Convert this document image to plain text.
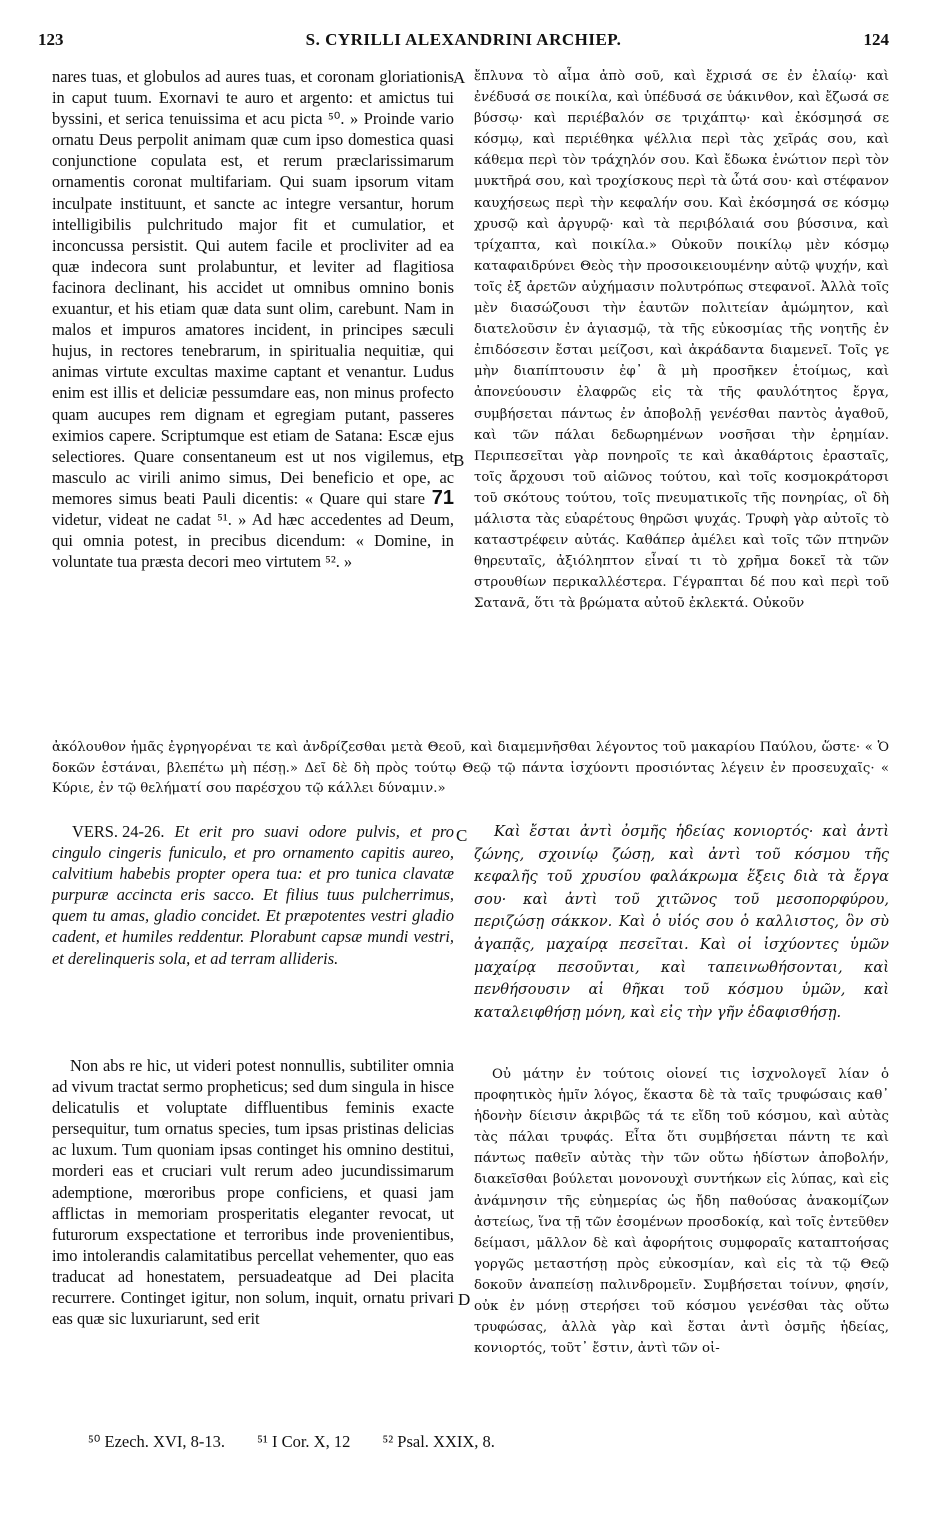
123	S. CYRILLI ALEXANDRINI ARCHIEP.	124
nares tuas, et globulos ad aures tuas, et coronam gloriationis in caput tuum. Exornavi te auro et argento: et amictus tui byssini, et serica tenuissima et acu picta ⁵⁰. » Proinde vario ornatu Deus perpolit animam quæ cum ipso domestica quasi conjunctione copulata est, et rerum præclarissimarum ornamentis coronat multifariam. Qui suam ipsorum vitam inculpate instituunt, et sancte ac integre versantur, horum intelligibilis pulchritudo major fit et cumulatior, et inconcussa persistit. Qui autem facile et procliviter ad ea quæ indecora sunt prolabuntur, et leviter ad flagitiosa facinora declinant, his accidet ut omnibus omnino bonis exuantur, et his etiam quæ data sunt olim, carebunt. Nam in malos et impuros amatores incident, in principes sæculi hujus, in rectores tenebrarum, in spiritualia nequitiæ, qui animas virtute excultas maxime captant et venantur. Ludus enim est illis et deliciæ pessumdare eas, non minus profecto quam aucupes rem dignam et egregiam putant, passeres eximios capere. Scriptumque est etiam de Satana: Escæ ejus selectiores. Quare consentaneum est ut nos vigilemus, et masculo ac virili animo simus, Dei beneficio et ope, ac memores simus beati Pauli dicentis: « Quare qui stare 71 videtur, videat ne cadat ⁵¹. » Ad hæc accedentes ad Deum, qui omnia potest, in precibus dicendum: « Domine, in voluntate tua præsta decori meo virtutem ⁵². »
ἔπλυνα τὸ αἷμα ἀπὸ σοῦ, καὶ ἔχρισά σε ἐν ἐλαίῳ· καὶ ἐνέδυσά σε ποικίλα, καὶ ὑπέδυσά σε ὑάκινθον, καὶ ἔζωσά σε βύσσῳ· καὶ περιέβαλόν σε τριχάπτῳ· καὶ ἐκόσμησά σε κόσμῳ, καὶ περιέθηκα ψέλλια περὶ τὰς χεῖράς σου, καὶ κάθεμα περὶ τὸν τράχηλόν σου. Καὶ ἔδωκα ἐνώτιον περὶ τὸν μυκτῆρά σου, καὶ τροχίσκους περὶ τὰ ὦτά σου· καὶ στέφανον καυχήσεως περὶ τὴν κεφαλήν σου. Καὶ ἐκόσμησά σε κόσμῳ χρυσῷ καὶ ἀργυρῷ· καὶ τὰ περιβόλαιά σου βύσσινα, καὶ τρίχαπτα, καὶ ποικίλα.» Οὐκοῦν ποικίλῳ μὲν κόσμῳ καταφαιδρύνει Θεὸς τὴν προσοικειουμένην αὐτῷ ψυχήν, καὶ τοῖς ἐξ ἀρετῶν αὐχήμασιν πολυτρόπως στεφανοῖ. Ἀλλὰ τοῖς μὲν διασώζουσι τὴν ἑαυτῶν πολιτείαν ἀμώμητον, καὶ διατελοῦσιν ἐν ἁγιασμῷ, τὰ τῆς εὐκοσμίας τῆς νοητῆς ἐν ἐπιδόσεσιν ἔσται μείζοσι, καὶ ἀκράδαντα διαμενεῖ. Τοῖς γε μὴν διαπίπτουσιν ἐφ᾽ ἃ μὴ προσῆκεν ἑτοίμως, καὶ ἀπονεύουσιν ἐλαφρῶς εἰς τὰ τῆς φαυλότητος ἔργα, συμβήσεται πάντως ἐν ἀποβολῇ γενέσθαι παντὸς ἀγαθοῦ, καὶ τῶν πάλαι δεδωρημένων νοσῆσαι τὴν ἐρημίαν. Περιπεσεῖται γὰρ πονηροῖς τε καὶ ἀκαθάρτοις ἐρασταῖς, τοῖς ἄρχουσι τοῦ αἰῶνος τούτου, καὶ τοῖς κοσμοκράτορσι τοῦ σκότους τούτου, τοῖς πνευματικοῖς τῆς πονηρίας, οἳ δὴ μάλιστα τὰς εὐαρέτους θηρῶσι ψυχάς. Τρυφὴ γὰρ αὐτοῖς τὸ καταστρέφειν αὐτάς. Καθάπερ ἀμέλει καὶ τοῖς τῶν πτηνῶν θηρευταῖς, ἀξιόληπτον εἶναί τι τὸ χρῆμα δοκεῖ τὰ τῶν στρουθίων περικαλλέστερα. Γέγραπται δέ που καὶ περὶ τοῦ Σατανᾶ, ὅτι τὰ βρώματα αὐτοῦ ἐκλεκτά. Οὐκοῦν
A
B
ἀκόλουθον ἡμᾶς ἐγρηγορέναι τε καὶ ἀνδρίζεσθαι μετὰ Θεοῦ, καὶ διαμεμνῆσθαι λέγοντος τοῦ μακαρίου Παύλου, ὥστε· « Ὁ δοκῶν ἑστάναι, βλεπέτω μὴ πέσῃ.» Δεῖ δὲ δὴ πρὸς τούτῳ Θεῷ τῷ πάντα ἰσχύοντι προσιόντας λέγειν ἐν προσευχαῖς· « Κύριε, ἐν τῷ θελήματί σου παρέσχου τῷ κάλλει δύναμιν.»
VERS. 24-26. Et erit pro suavi odore pulvis, et pro cingulo cingeris funiculo, et pro ornamento capitis aureo, calvitium habebis propter opera tua: et pro tunica clavatæ purpuræ accincta eris sacco. Et filius tuus pulcherrimus, quem tu amas, gladio concidet. Et præpotentes vestri gladio cadent, et humiles reddentur. Plorabunt capsæ mundi vestri, et derelinqueris sola, et ad terram allideris.
C	Καὶ ἔσται ἀντὶ ὀσμῆς ἡδείας κονιορτός· καὶ ἀντὶ ζώνης, σχοινίῳ ζώσῃ, καὶ ἀντὶ τοῦ κόσμου τῆς κεφαλῆς τοῦ χρυσίου φαλάκρωμα ἕξεις διὰ τὰ ἔργα σου· καὶ ἀντὶ τοῦ χιτῶνος τοῦ μεσοπορφύρου, περιζώσῃ σάκκον. Καὶ ὁ υἱός σου ὁ καλλιστος, ὃν σὺ ἀγαπᾷς, μαχαίρᾳ πεσεῖται. Καὶ οἱ ἰσχύοντες ὑμῶν μαχαίρᾳ πεσοῦνται, καὶ ταπεινωθήσονται, καὶ πενθήσουσιν αἱ θῆκαι τοῦ κόσμου ὑμῶν, καὶ καταλειφθήσῃ μόνη, καὶ εἰς τὴν γῆν ἐδαφισθήσῃ.
Non abs re hic, ut videri potest nonnullis, subtiliter omnia ad vivum tractat sermo propheticus; sed dum singula in hisce delicatulis et voluptate diffluentibus feminis exacte persequitur, tum ornatus species, tum ipsas pristinas delicias ac luxum. Tum quoniam ipsas continget his omnino destitui, morderi eas et cruciari vult rerum adeo jucundissimarum ademptione, mœroribus prope conficiens, et quasi jam afflictas in memoriam prosperitatis eleganter revocat, ut futurorum exspectatione et terroribus inde provenientibus, imo intolerandis calamitatibus percellat vehementer, quo eas traducat ad honestatem, persuadeatque ad Dei placita recurrere. Continget igitur, non solum, inquit, ornatu privari eas quæ sic luxuriarunt, sed erit
D
Οὐ μάτην ἐν τούτοις οἱονεί τις ἰσχνολογεῖ λίαν ὁ προφητικὸς ἡμῖν λόγος, ἕκαστα δὲ τὰ ταῖς τρυφώσαις καθ᾽ ἡδονὴν δίεισιν ἀκριβῶς τά τε εἴδη τοῦ κόσμου, καὶ αὐτὰς τὰς πάλαι τρυφάς. Εἶτα ὅτι συμβήσεται πάντη τε καὶ πάντως παθεῖν αὐτὰς τὴν τῶν οὕτω ἡδίστων ἀποβολήν, διακεῖσθαι βούλεται μονονουχὶ συντήκων εἰς λύπας, καὶ εἰς ἀνάμνησιν τῆς εὐημερίας ὡς ἤδη παθούσας ἀνακομίζων ἀστείως, ἵνα τῇ τῶν ἐσομένων προσδοκίᾳ, καὶ τοῖς ἐντεῦθεν δείμασι, μᾶλλον δὲ καὶ ἀφορήτοις συμφοραῖς καταπτοήσας γοργῶς μεταστήσῃ πρὸς εὐκοσμίαν, καὶ εἰς τὰ τῷ Θεῷ δοκοῦν ἀναπείσῃ παλινδρομεῖν. Συμβήσεται τοίνυν, φησίν, οὐκ ἐν μόνῃ στερήσει τοῦ κόσμου γενέσθαι τὰς οὕτω τρυφώσας, ἀλλὰ γὰρ καὶ ἔσται ἀντὶ ὀσμῆς ἡδείας, κονιορτός, τοῦτ᾽ ἔστιν, ἀντὶ τῶν οἰ-
⁵⁰ Ezech. XVI, 8-13. ⁵¹ I Cor. X, 12 ⁵² Psal. XXIX, 8.
